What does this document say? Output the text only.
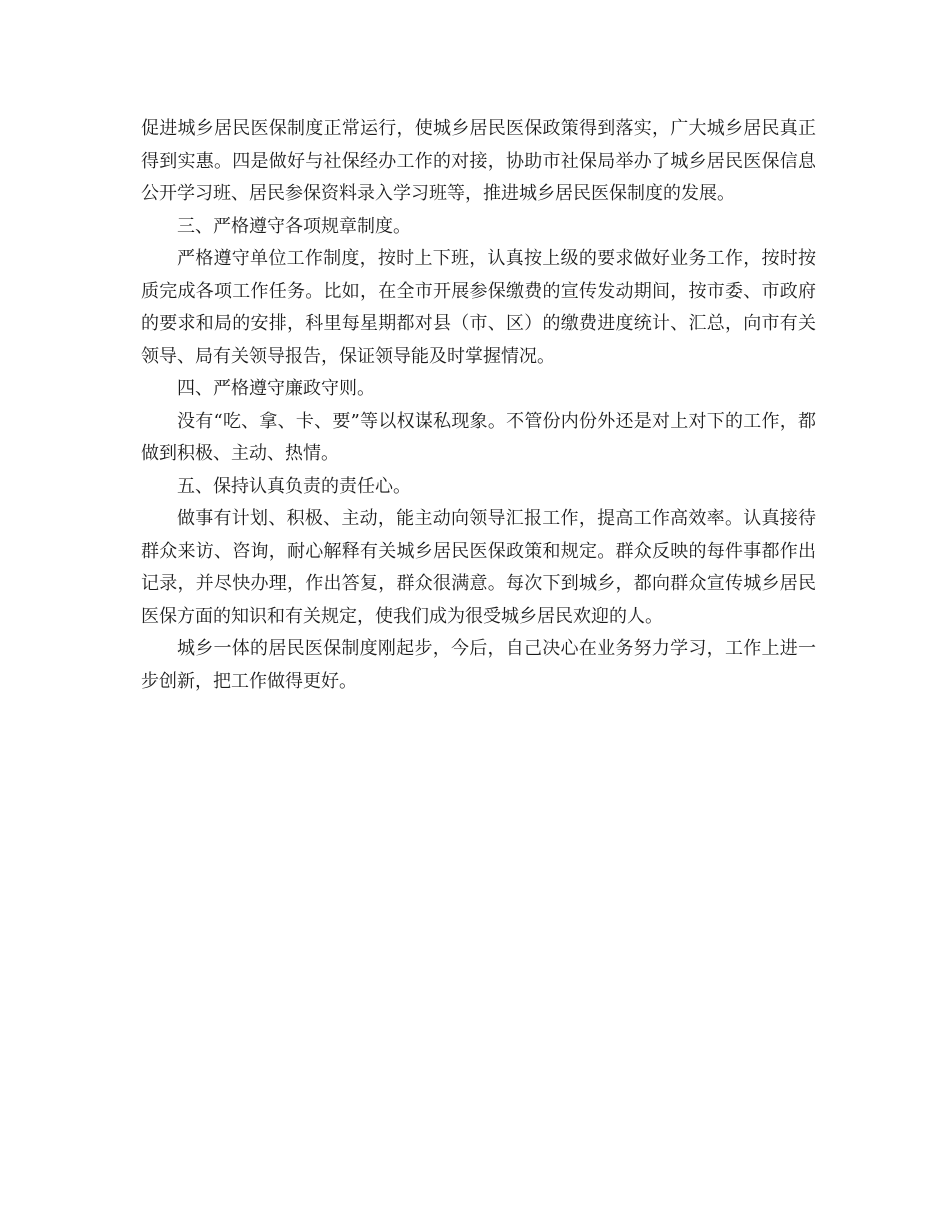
促进城乡居民医保制度正常运行，使城乡居民医保政策得到落实，广大城乡居民真正得到实惠。四是做好与社保经办工作的对接，协助市社保局举办了城乡居民医保信息公开学习班、居民参保资料录入学习班等，推进城乡居民医保制度的发展。

三、严格遵守各项规章制度。

严格遵守单位工作制度，按时上下班，认真按上级的要求做好业务工作，按时按质完成各项工作任务。比如，在全市开展参保缴费的宣传发动期间，按市委、市政府的要求和局的安排，科里每星期都对县（市、区）的缴费进度统计、汇总，向市有关领导、局有关领导报告，保证领导能及时掌握情况。

四、严格遵守廉政守则。

没有“吃、拿、卡、要”等以权谋私现象。不管份内份外还是对上对下的工作，都做到积极、主动、热情。

五、保持认真负责的责任心。

做事有计划、积极、主动，能主动向领导汇报工作，提高工作高效率。认真接待群众来访、咨询，耐心解释有关城乡居民医保政策和规定。群众反映的每件事都作出记录，并尽快办理，作出答复，群众很满意。每次下到城乡，都向群众宣传城乡居民医保方面的知识和有关规定，使我们成为很受城乡居民欢迎的人。

城乡一体的居民医保制度刚起步，今后，自己决心在业务努力学习，工作上进一步创新，把工作做得更好。
